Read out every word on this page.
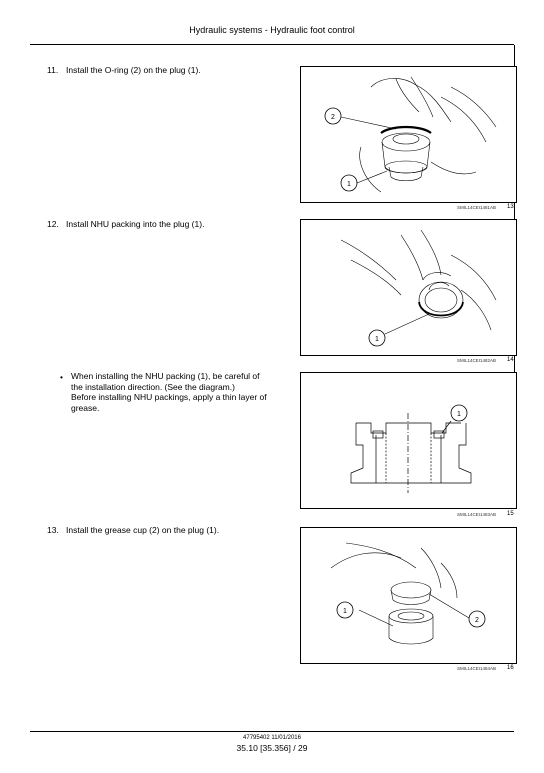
Hydraulic systems - Hydraulic foot control
11. Install the O-ring (2) on the plug (1).
2
1
SMIL14CEI1481AB 13
12. Install NHU packing into the plug (1).
1
SMIL14CEI1482AB 14
• When installing the NHU packing (1), be careful of
the installation direction. (See the diagram.)
Before installing NHU packings, apply a thin layer of
grease.
1
SMIL14CEI1483AB 15
13. Install the grease cup (2) on the plug (1).
1
2
SMIL14CEI1484AB 16
47795402 11/01/2016
35.10 [35.356] / 29
